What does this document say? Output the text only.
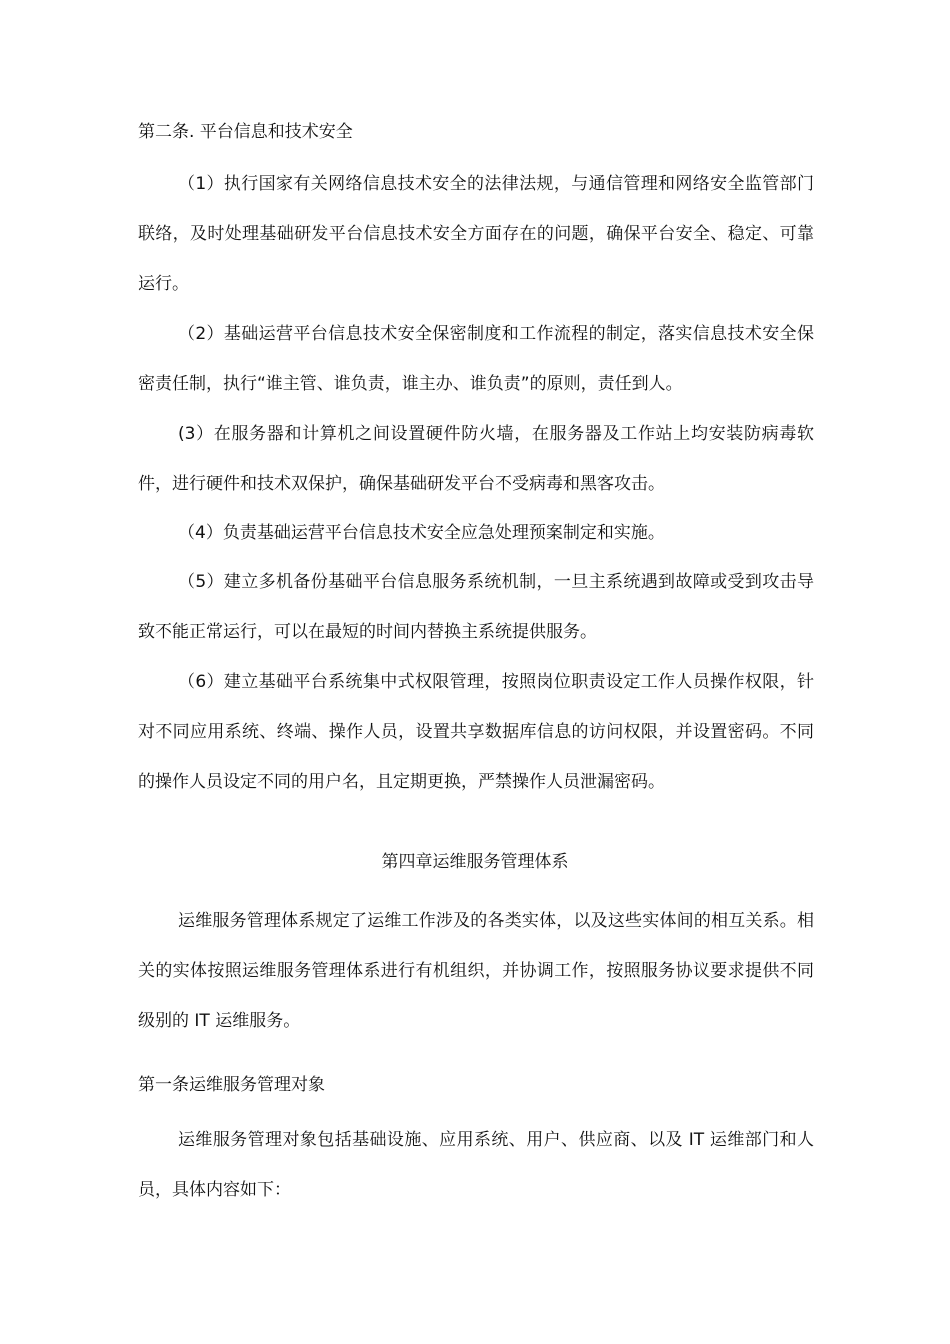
第二条. 平台信息和技术安全
（1）执行国家有关网络信息技术安全的法律法规，与通信管理和网络安全监管部门
联络，及时处理基础研发平台信息技术安全方面存在的问题，确保平台安全、稳定、可靠
运行。
（2）基础运营平台信息技术安全保密制度和工作流程的制定，落实信息技术安全保
密责任制，执行“谁主管、谁负责，谁主办、谁负责”的原则，责任到人。
(3）在服务器和计算机之间设置硬件防火墙，在服务器及工作站上均安装防病毒软
件，进行硬件和技术双保护，确保基础研发平台不受病毒和黑客攻击。
（4）负责基础运营平台信息技术安全应急处理预案制定和实施。
（5）建立多机备份基础平台信息服务系统机制，一旦主系统遇到故障或受到攻击导
致不能正常运行，可以在最短的时间内替换主系统提供服务。
（6）建立基础平台系统集中式权限管理，按照岗位职责设定工作人员操作权限，针
对不同应用系统、终端、操作人员，设置共享数据库信息的访问权限，并设置密码。不同
的操作人员设定不同的用户名，且定期更换，严禁操作人员泄漏密码。
第四章运维服务管理体系
运维服务管理体系规定了运维工作涉及的各类实体，以及这些实体间的相互关系。相
关的实体按照运维服务管理体系进行有机组织，并协调工作，按照服务协议要求提供不同
级别的 IT 运维服务。
第一条运维服务管理对象
运维服务管理对象包括基础设施、应用系统、用户、供应商、以及 IT 运维部门和人
员，具体内容如下：
